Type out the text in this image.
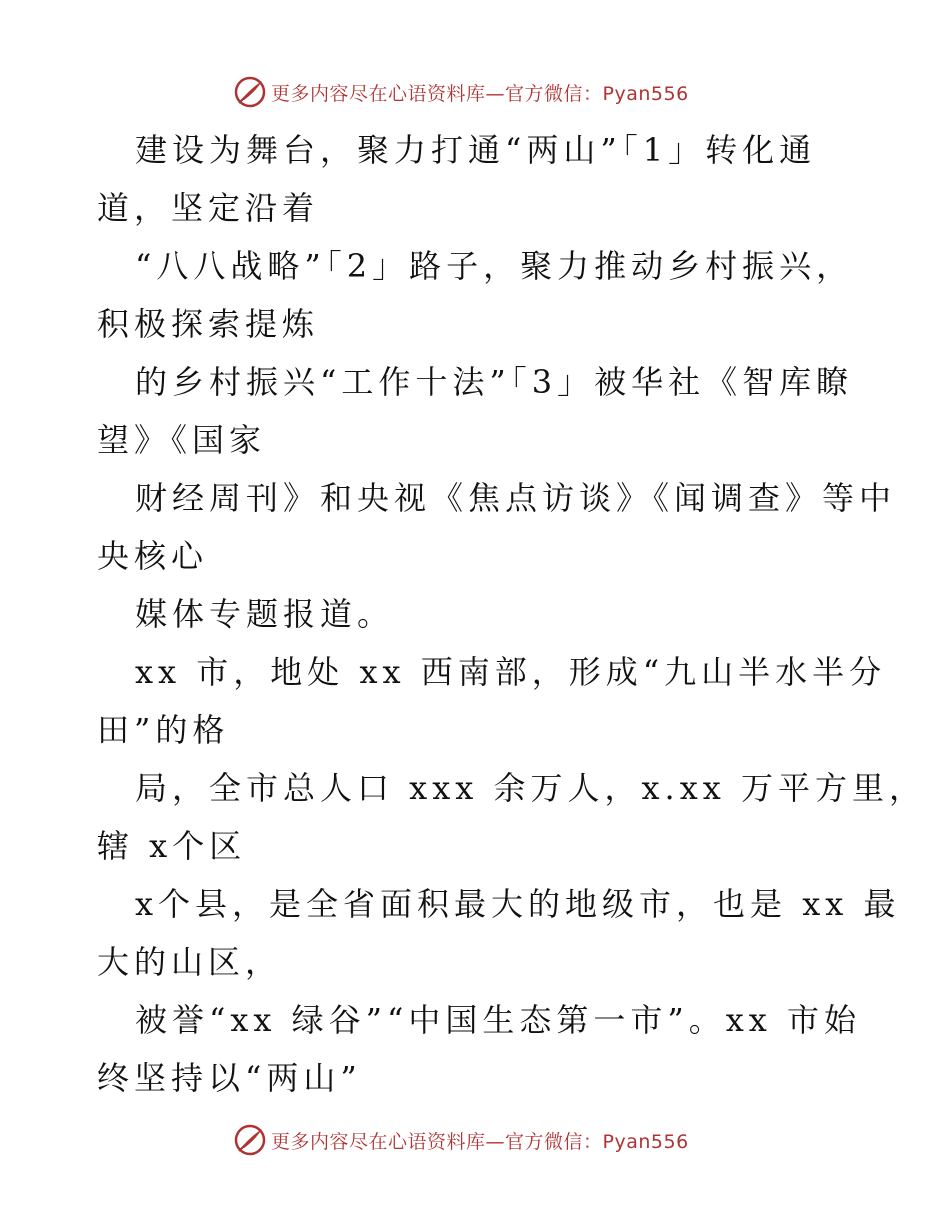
更多内容尽在心语资料库—官方微信：Pyan556
建设为舞台，聚力打通“两山”「1」转化通
道，坚定沿着
“八八战略”「2」路子，聚力推动乡村振兴，
积极探索提炼
的乡村振兴“工作十法”「3」被华社《智库瞭
望》《国家
财经周刊》和央视《焦点访谈》《闻调查》等中
央核心
媒体专题报道。
xx 市，地处 xx 西南部，形成“九山半水半分
田”的格
局，全市总人口 xxx 余万人，x.xx 万平方里，
辖 x个区
x个县，是全省面积最大的地级市，也是 xx 最
大的山区，
被誉“xx 绿谷”“中国生态第一市”。xx 市始
终坚持以“两山”
更多内容尽在心语资料库—官方微信：Pyan556
